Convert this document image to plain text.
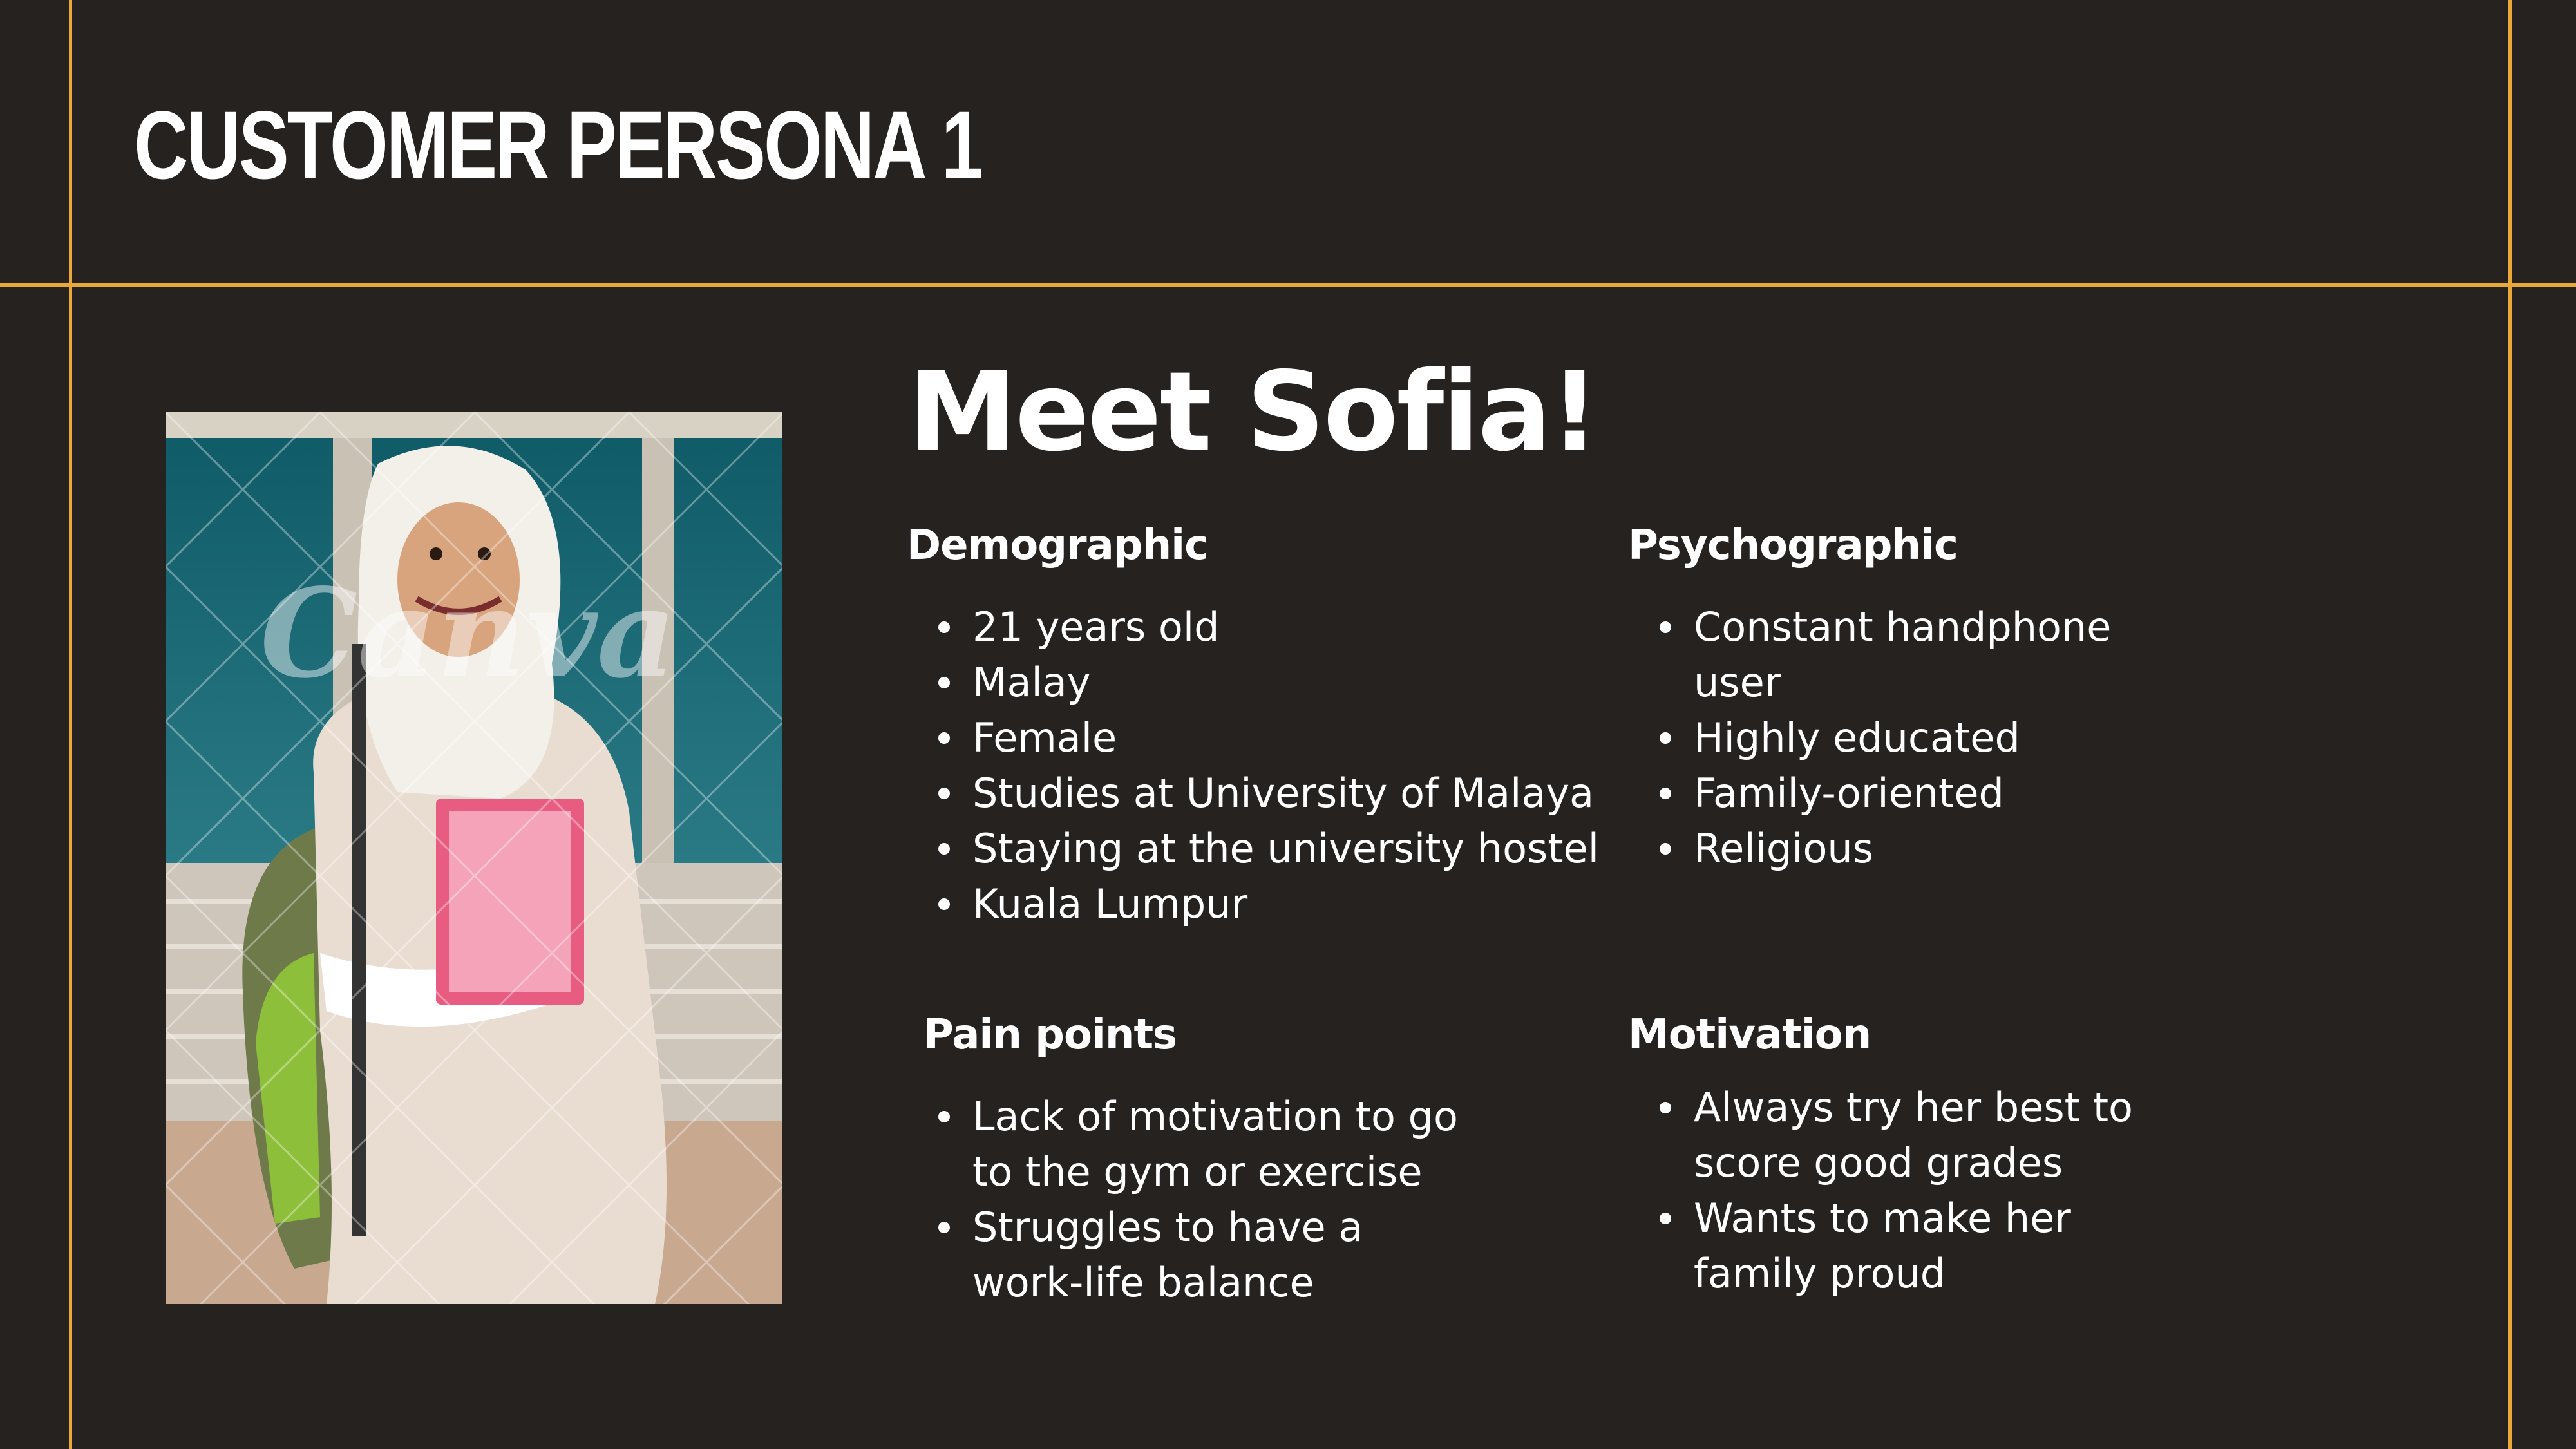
CUSTOMER PERSONA 1
Canva
Meet Sofia!
Demographic
21 years old
Malay
Female
Studies at University of Malaya
Staying at the university hostel
Kuala Lumpur
Psychographic
Constant handphone
user
Highly educated
Family-oriented
Religious
Pain points
Lack of motivation to go
to the gym or exercise
Struggles to have a
work-life balance
Motivation
Always try her best to
score good grades
Wants to make her
family proud
